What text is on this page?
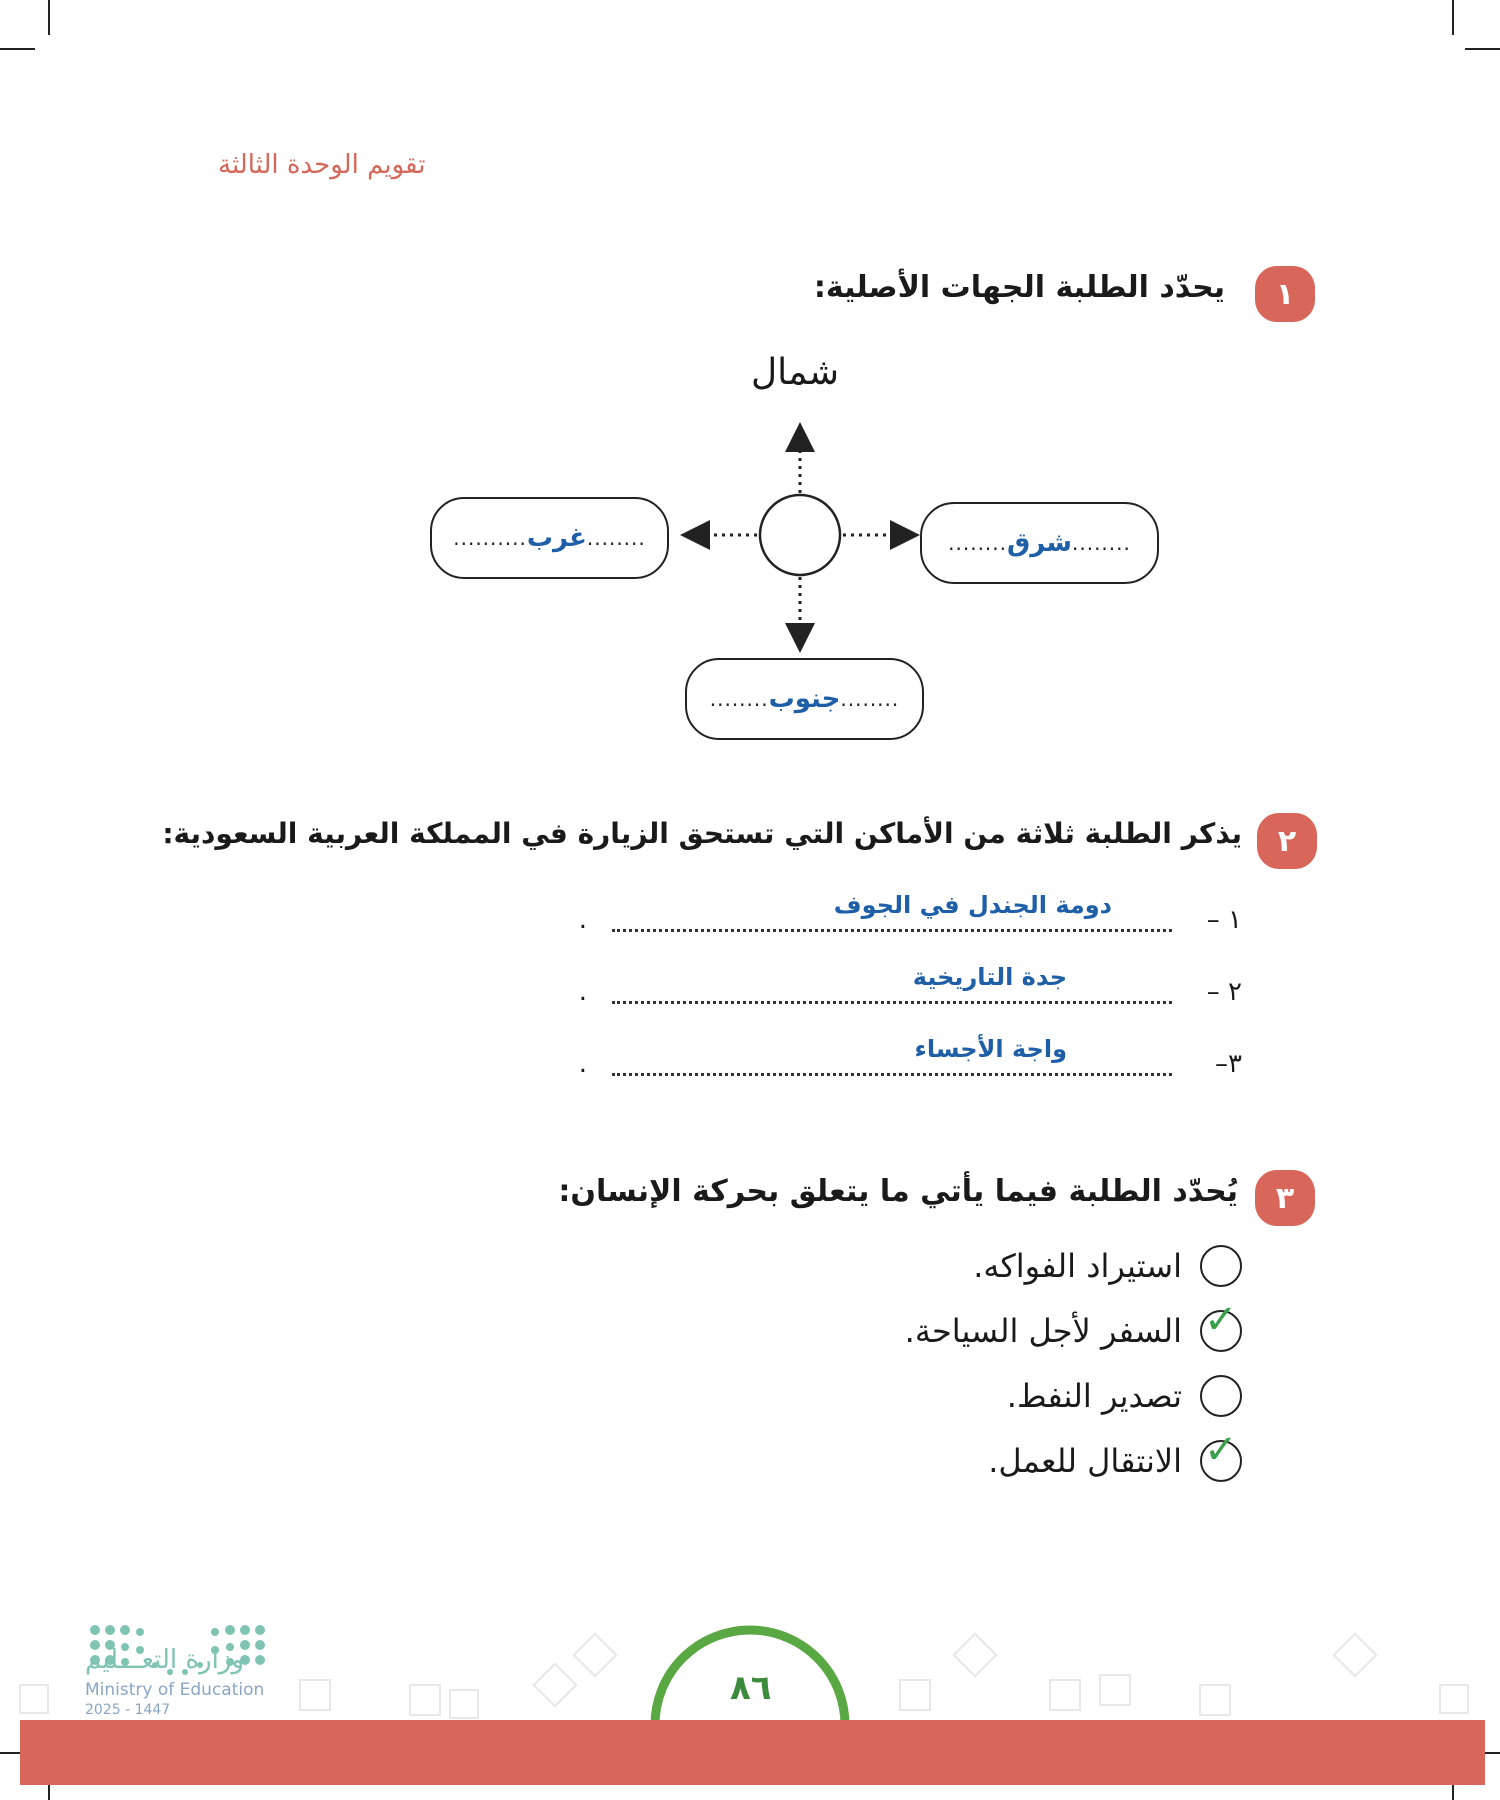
تقويم الوحدة الثالثة
١
يحدّد الطلبة الجهات الأصلية:
شمال
.......... غرب ........	........ شرق ........
........ جنوب ........
٢
يذكر الطلبة ثلاثة من الأماكن التي تستحق الزيارة في المملكة العربية السعودية:
١ –
دومة الجندل في الجوف
.
٢ –
جدة التاريخية
.
٣–
واجة الأجساء
.
٣
يُحدّد الطلبة فيما يأتي ما يتعلق بحركة الإنسان:
استيراد الفواكه.
✓
السفر لأجل السياحة.
تصدير النفط.
✓
الانتقال للعمل.
وزارة التعـــليم
Ministry of Education
2025 - 1447
٨٦
